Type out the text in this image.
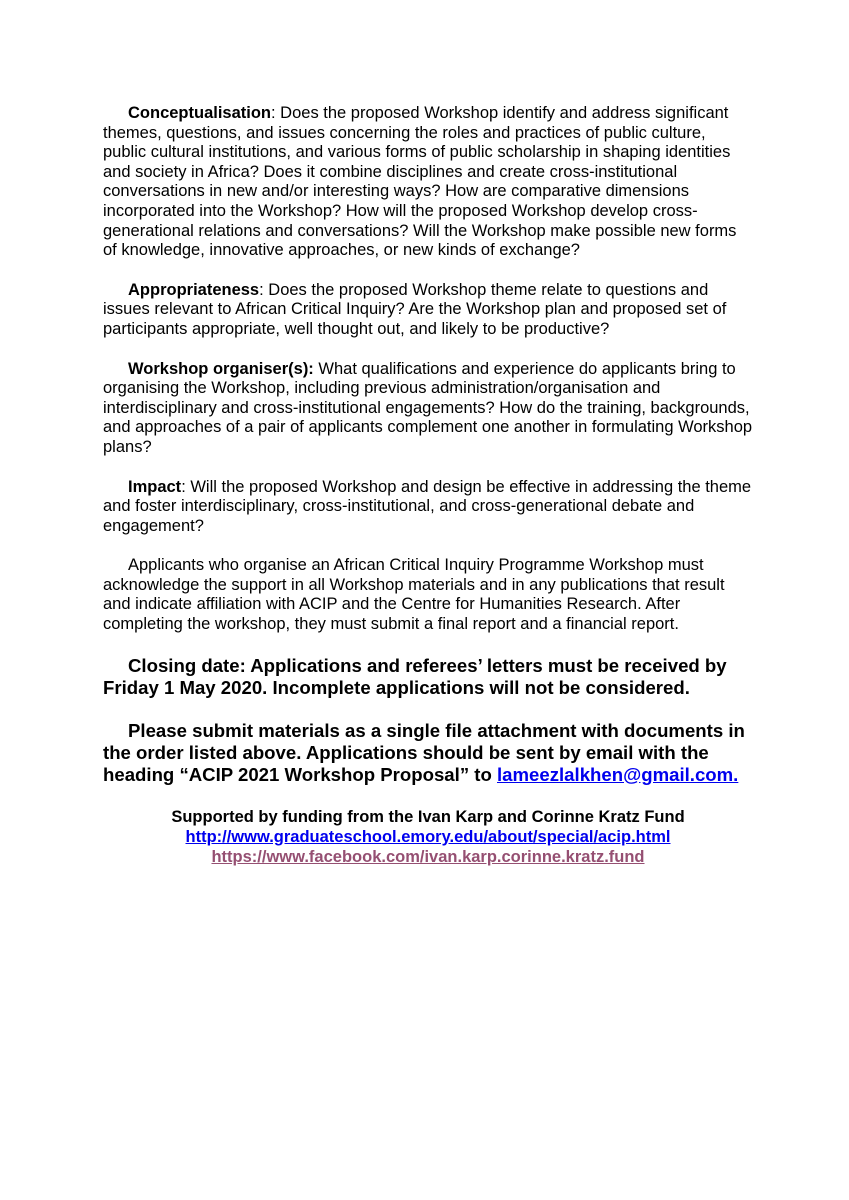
Conceptualisation: Does the proposed Workshop identify and address significant themes, questions, and issues concerning the roles and practices of public culture, public cultural institutions, and various forms of public scholarship in shaping identities and society in Africa? Does it combine disciplines and create cross-institutional conversations in new and/or interesting ways? How are comparative dimensions incorporated into the Workshop? How will the proposed Workshop develop cross-generational relations and conversations? Will the Workshop make possible new forms of knowledge, innovative approaches, or new kinds of exchange?

Appropriateness: Does the proposed Workshop theme relate to questions and issues relevant to African Critical Inquiry? Are the Workshop plan and proposed set of participants appropriate, well thought out, and likely to be productive?

Workshop organiser(s): What qualifications and experience do applicants bring to organising the Workshop, including previous administration/organisation and interdisciplinary and cross-institutional engagements? How do the training, backgrounds, and approaches of a pair of applicants complement one another in formulating Workshop plans?

Impact: Will the proposed Workshop and design be effective in addressing the theme and foster interdisciplinary, cross-institutional, and cross-generational debate and engagement?

Applicants who organise an African Critical Inquiry Programme Workshop must acknowledge the support in all Workshop materials and in any publications that result and indicate affiliation with ACIP and the Centre for Humanities Research. After completing the workshop, they must submit a final report and a financial report.

Closing date: Applications and referees’ letters must be received by Friday 1 May 2020. Incomplete applications will not be considered.

Please submit materials as a single file attachment with documents in the order listed above. Applications should be sent by email with the heading “ACIP 2021 Workshop Proposal” to lameezlalkhen@gmail.com.

Supported by funding from the Ivan Karp and Corinne Kratz Fund
http://www.graduateschool.emory.edu/about/special/acip.html
https://www.facebook.com/ivan.karp.corinne.kratz.fund
